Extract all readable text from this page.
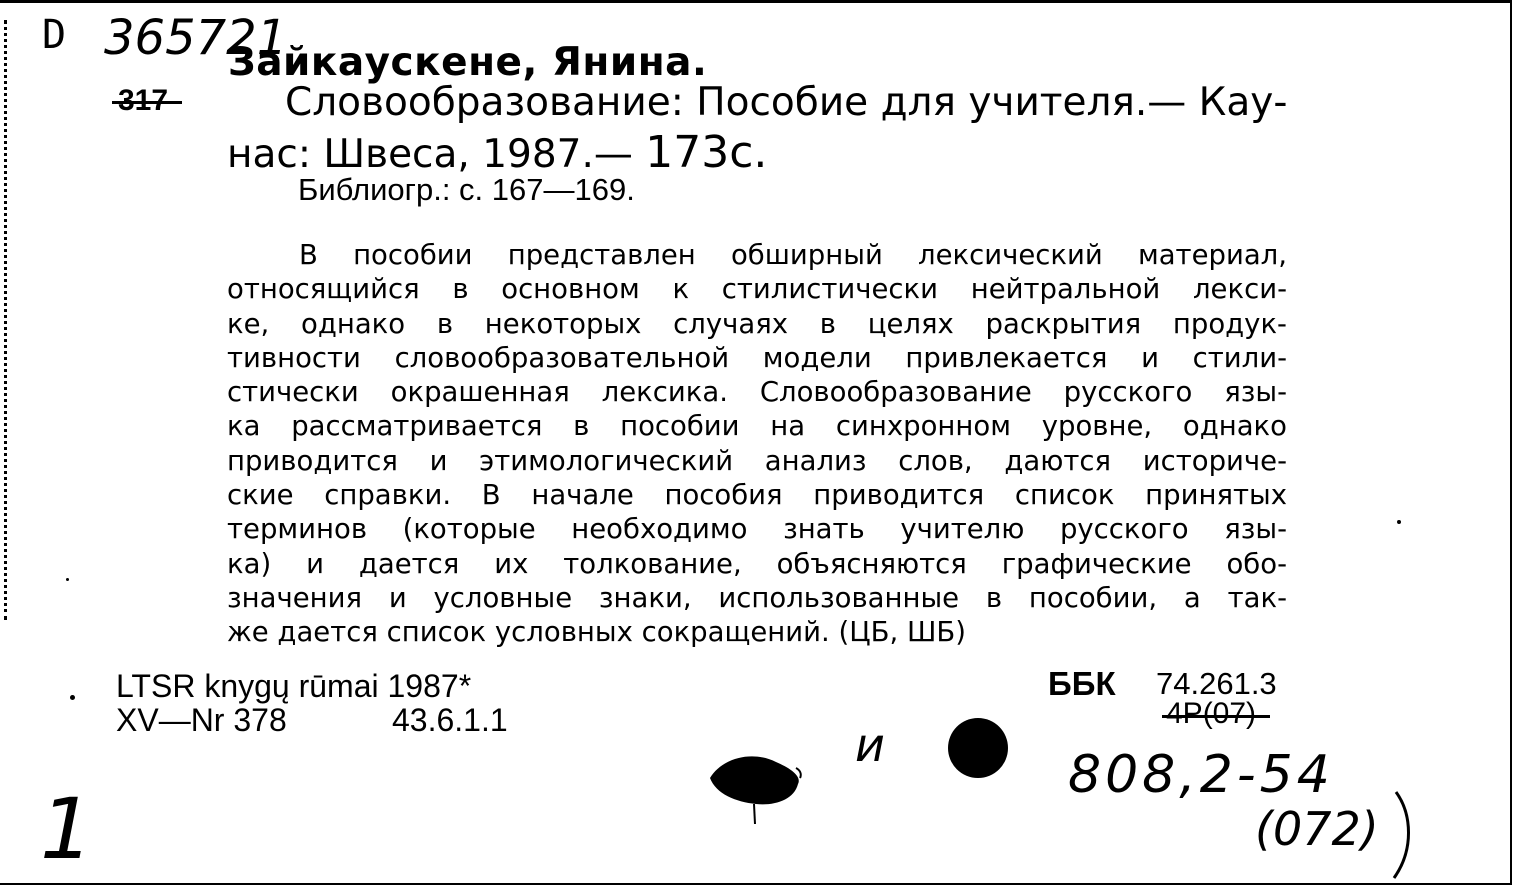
D 365721
Зайкаускене, Янина.
317	Словообразование: Пособие для учителя.— Кау-
нас: Швеса, 1987.— 173с.
Библиогр.: с. 167—169.
В пособии представлен обширный лексический материал,
относящийся в основном к стилистически нейтральной лекси-
ке, однако в некоторых случаях в целях раскрытия продук-
тивности словообразовательной модели привлекается и стили-
стически окрашенная лексика. Словообразование русского язы-
ка рассматривается в пособии на синхронном уровне, однако
приводится и этимологический анализ слов, даются историче-
ские справки. В начале пособия приводится список принятых
терминов (которые необходимо знать учителю русского язы-
ка) и дается их толкование, объясняются графические обо-
значения и условные знаки, использованные в пособии, а так-
же дается список условных сокращений. (ЦБ, ШБ)
LTSR knygų rūmai 1987*	ББК 74.261.3
XV—Nr 378	43.6.1.1	4Р(07)
и	808,2-54
(072)
1
